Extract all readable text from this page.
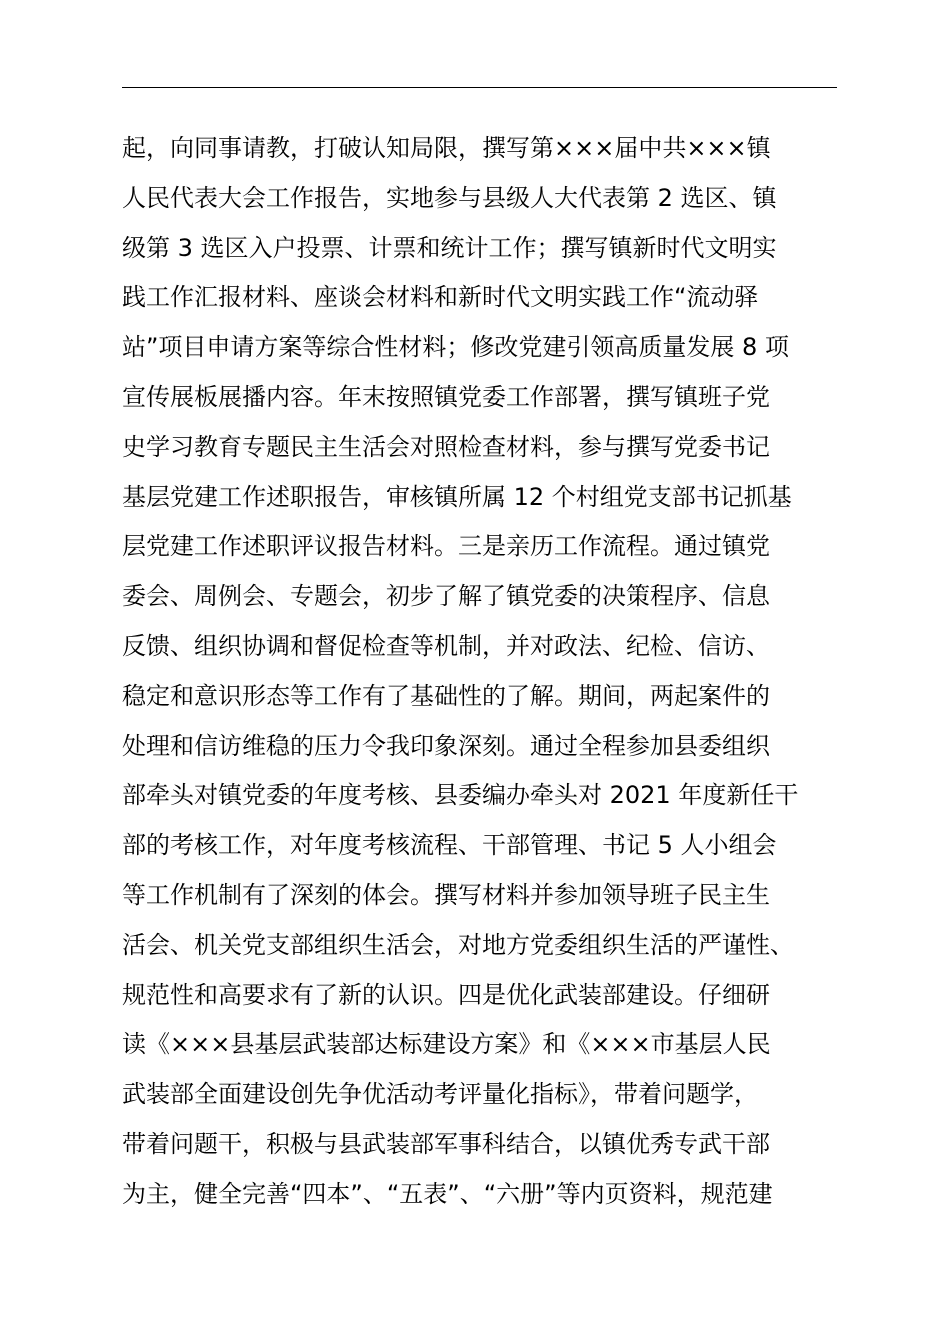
起，向同事请教，打破认知局限，撰写第×××届中共×××镇
人民代表大会工作报告，实地参与县级人大代表第 2 选区、镇
级第 3 选区入户投票、计票和统计工作；撰写镇新时代文明实
践工作汇报材料、座谈会材料和新时代文明实践工作“流动驿
站”项目申请方案等综合性材料；修改党建引领高质量发展 8 项
宣传展板展播内容。年末按照镇党委工作部署，撰写镇班子党
史学习教育专题民主生活会对照检查材料，参与撰写党委书记
基层党建工作述职报告，审核镇所属 12 个村组党支部书记抓基
层党建工作述职评议报告材料。三是亲历工作流程。通过镇党
委会、周例会、专题会，初步了解了镇党委的决策程序、信息
反馈、组织协调和督促检查等机制，并对政法、纪检、信访、
稳定和意识形态等工作有了基础性的了解。期间，两起案件的
处理和信访维稳的压力令我印象深刻。通过全程参加县委组织
部牵头对镇党委的年度考核、县委编办牵头对 2021 年度新任干
部的考核工作，对年度考核流程、干部管理、书记 5 人小组会
等工作机制有了深刻的体会。撰写材料并参加领导班子民主生
活会、机关党支部组织生活会，对地方党委组织生活的严谨性、
规范性和高要求有了新的认识。四是优化武装部建设。仔细研
读《×××县基层武装部达标建设方案》和《×××市基层人民
武装部全面建设创先争优活动考评量化指标》，带着问题学，
带着问题干，积极与县武装部军事科结合，以镇优秀专武干部
为主，健全完善“四本”、“五表”、“六册”等内页资料，规范建
